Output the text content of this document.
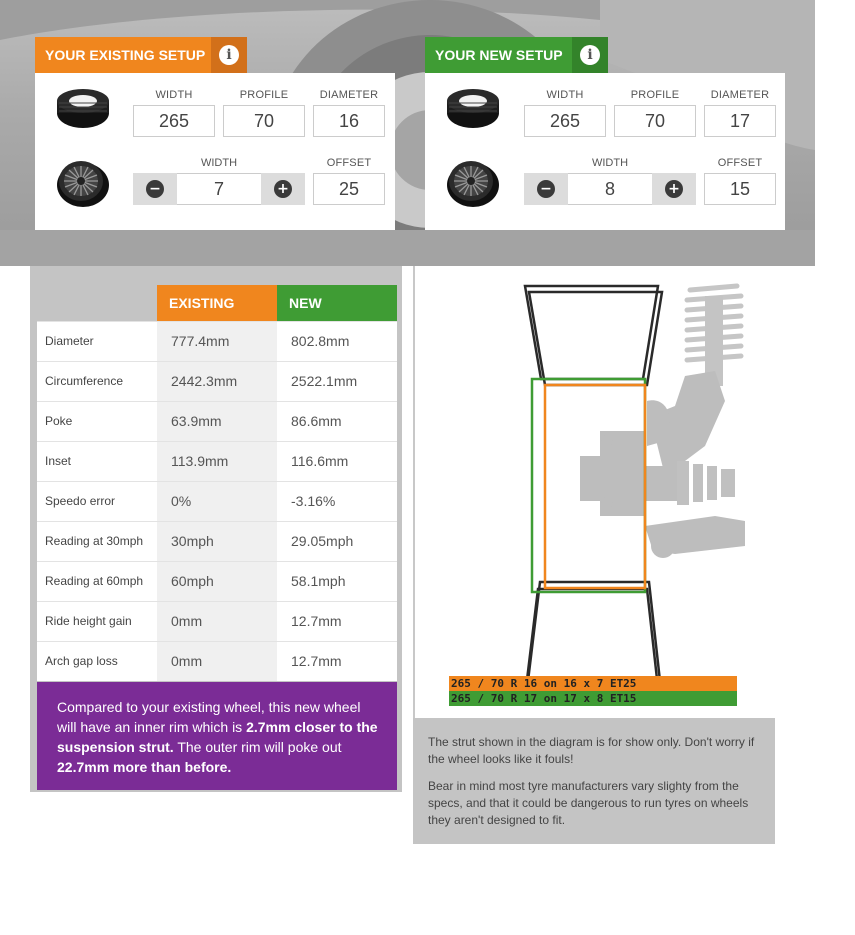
YOUR EXISTING SETUP	i
WIDTH
265
PROFILE
70
DIAMETER
16
WIDTH
−	7	+
OFFSET
25
YOUR NEW SETUP	i
WIDTH
265
PROFILE
70
DIAMETER
17
WIDTH
−	8	+
OFFSET
15
	EXISTING	NEW
Diameter	777.4mm	802.8mm
Circumference	2442.3mm	2522.1mm
Poke	63.9mm	86.6mm
Inset	113.9mm	116.6mm
Speedo error	0%	-3.16%
Reading at 30mph	30mph	29.05mph
Reading at 60mph	60mph	58.1mph
Ride height gain	0mm	12.7mm
Arch gap loss	0mm	12.7mm
Compared to your existing wheel, this new wheel will have an inner rim which is 2.7mm closer to the suspension strut. The outer rim will poke out 22.7mm more than before.
265 / 70 R 16 on 16 x 7 ET25
265 / 70 R 17 on 17 x 8 ET15

The strut shown in the diagram is for show only. Don't worry if the wheel looks like it fouls!

Bear in mind most tyre manufacturers vary slighty from the specs, and that it could be dangerous to run tyres on wheels they aren't designed to fit.
